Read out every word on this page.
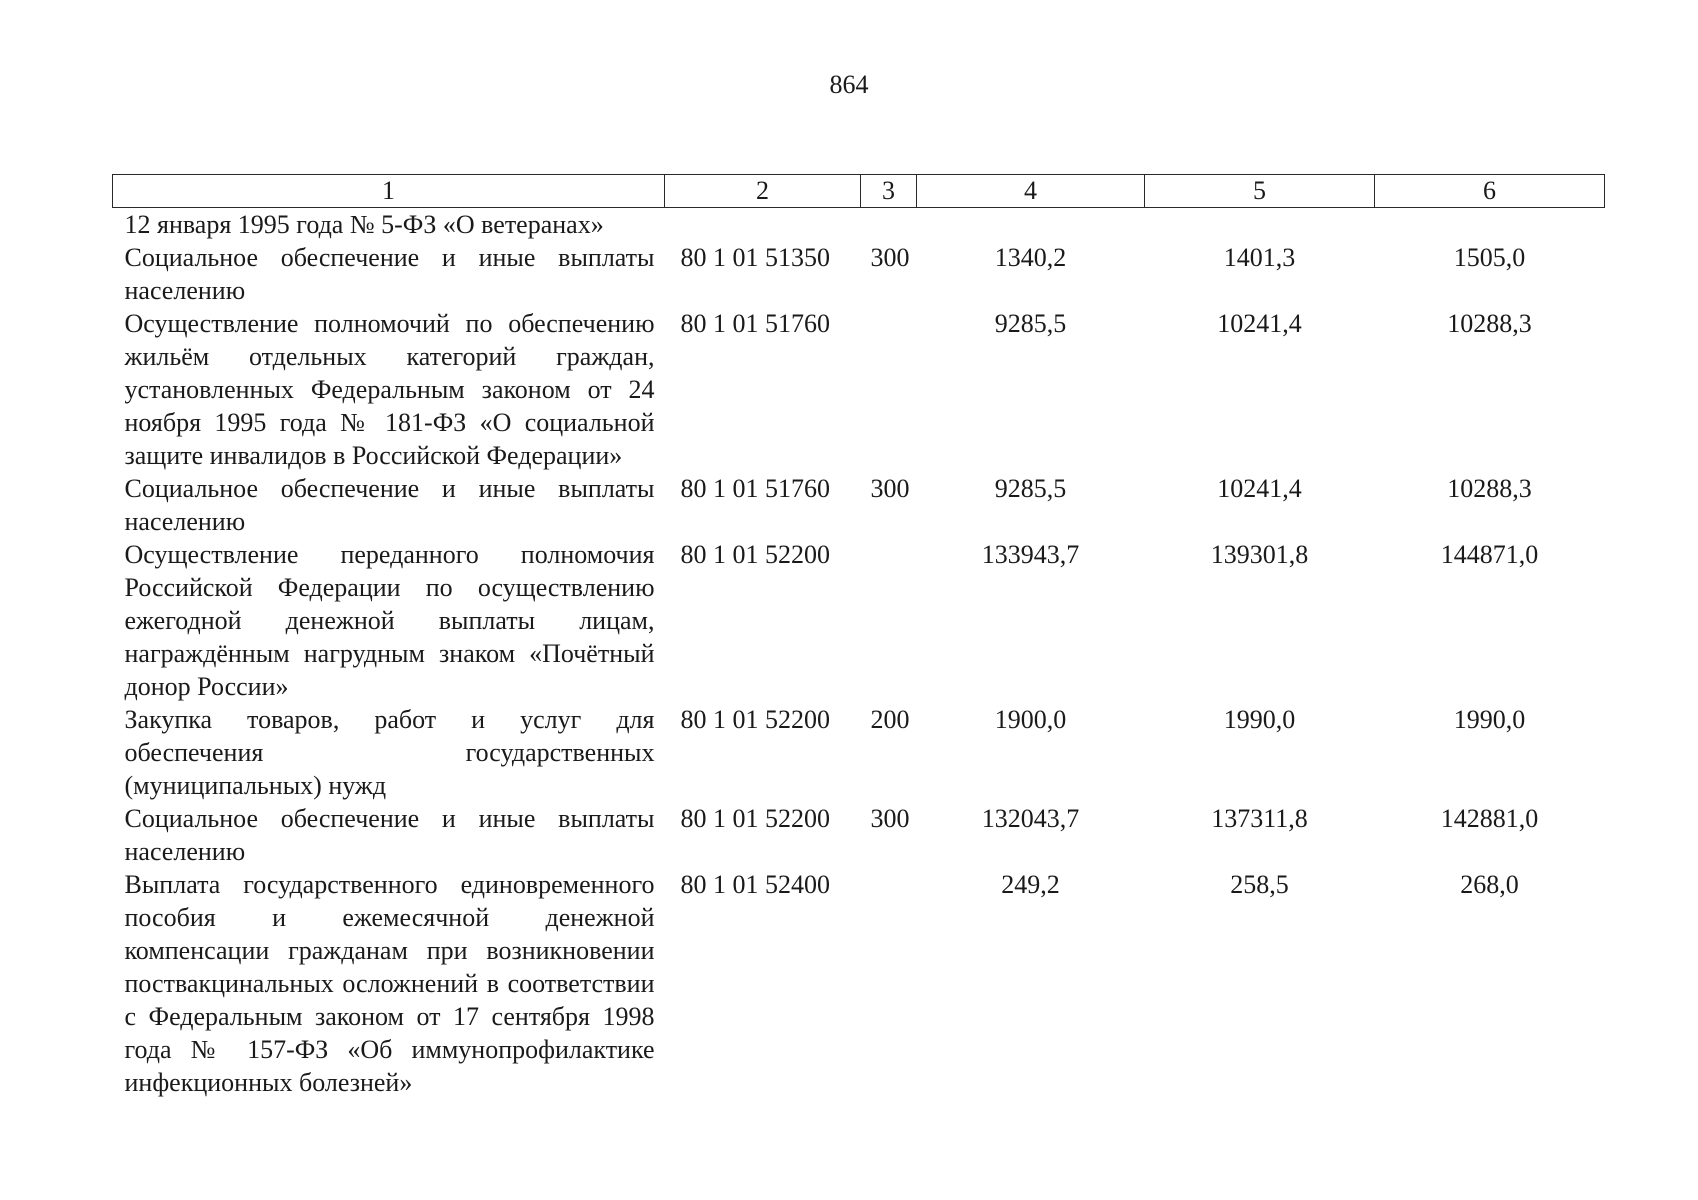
864
1	2	3	4	5	6
12 января 1995 года № 5-ФЗ «О ветеранах»					
Социальное обеспечение и иные выплаты населению	80 1 01 51350	300	1340,2	1401,3	1505,0
Осуществление полномочий по обеспечению жильём отдельных категорий граждан, установленных Федеральным законом от 24 ноября 1995 года № 181-ФЗ «О социальной защите инвалидов в Российской Федерации»	80 1 01 51760		9285,5	10241,4	10288,3
Социальное обеспечение и иные выплаты населению	80 1 01 51760	300	9285,5	10241,4	10288,3
Осуществление переданного полномочия Российской Федерации по осуществлению ежегодной денежной выплаты лицам, награждённым нагрудным знаком «Почётный донор России»	80 1 01 52200		133943,7	139301,8	144871,0
Закупка товаров, работ и услуг для обеспечения государственных (муниципальных) нужд	80 1 01 52200	200	1900,0	1990,0	1990,0
Социальное обеспечение и иные выплаты населению	80 1 01 52200	300	132043,7	137311,8	142881,0
Выплата государственного единовременного пособия и ежемесячной денежной компенсации гражданам при возникновении поствакцинальных осложнений в соответствии с Федеральным законом от 17 сентября 1998 года № 157-ФЗ «Об иммунопрофилактике инфекционных болезней»	80 1 01 52400		249,2	258,5	268,0
